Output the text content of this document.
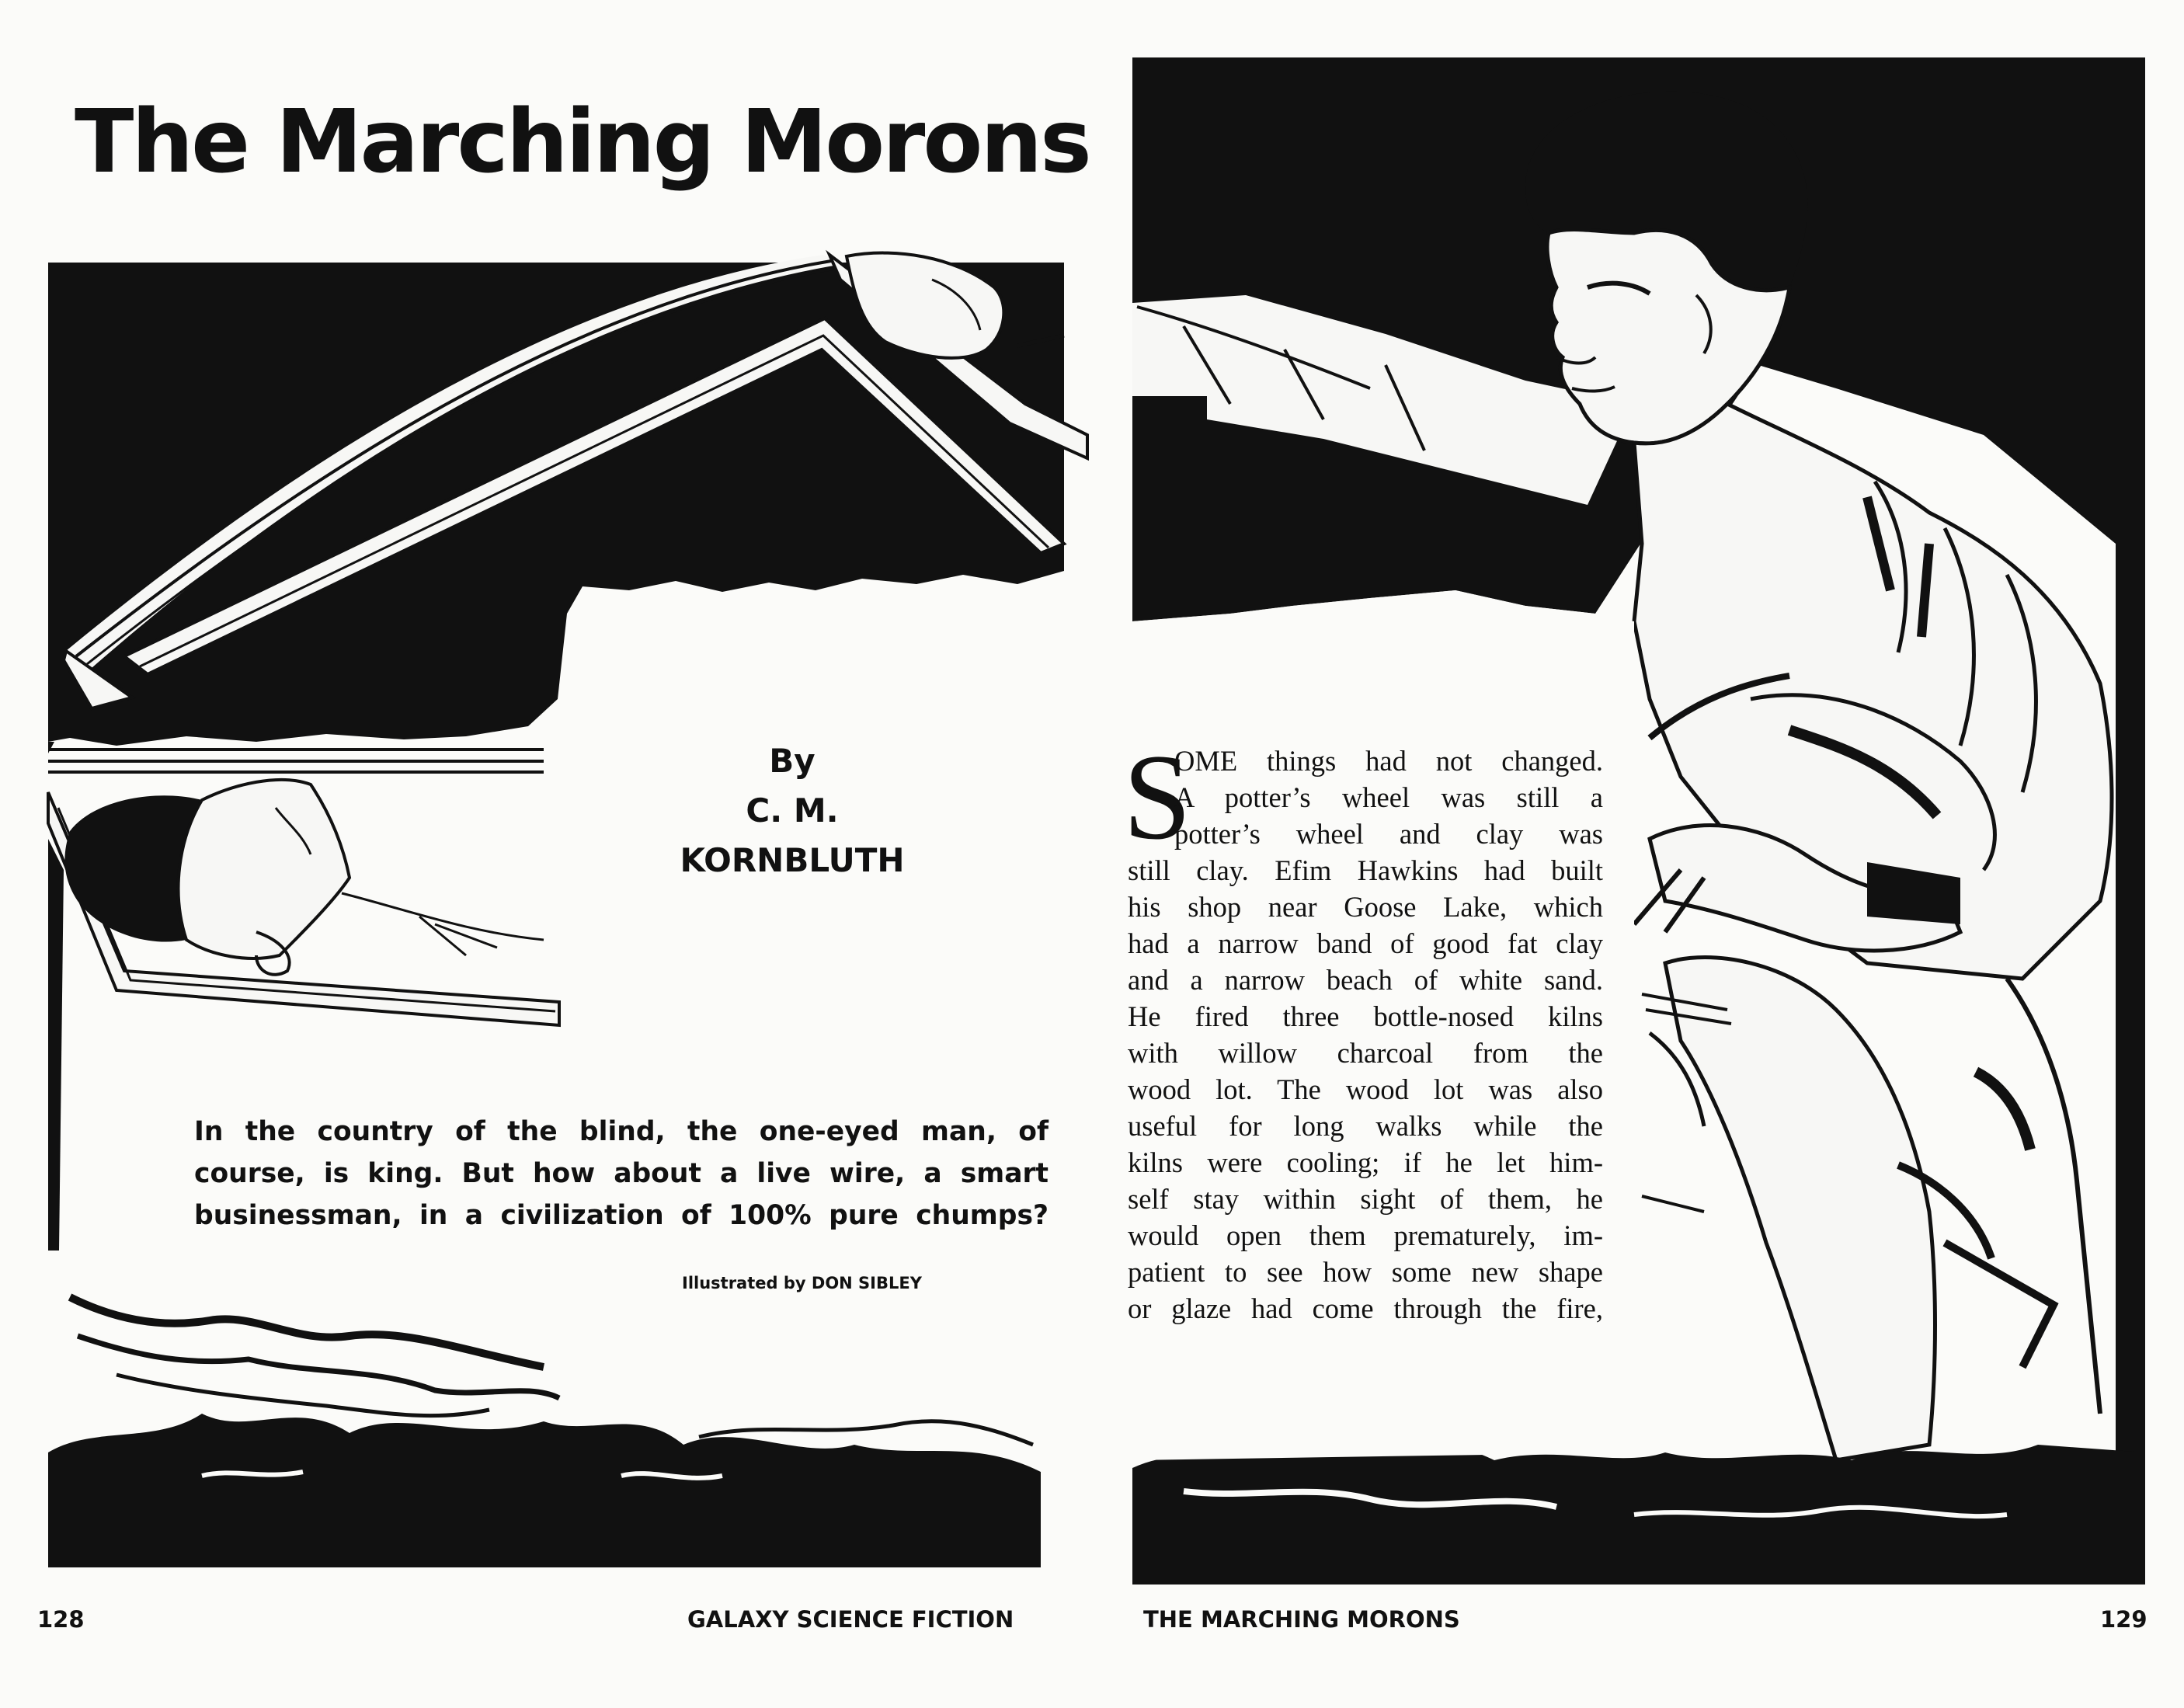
The Marching Morons
By
C. M.
KORNBLUTH
In the country of the blind, the one-eyed man, of
course, is king. But how about a live wire, a smart
businessman, in a civilization of 100% pure chumps?
Illustrated by DON SIBLEY
128	GALAXY SCIENCE FICTION	THE MARCHING MORONS	129
S
OME things had not changed.
A potter’s wheel was still a
potter’s wheel and clay was
still clay. Efim Hawkins had built
his shop near Goose Lake, which
had a narrow band of good fat clay
and a narrow beach of white sand.
He fired three bottle-nosed kilns
with willow charcoal from the
wood lot. The wood lot was also
useful for long walks while the
kilns were cooling; if he let him-
self stay within sight of them, he
would open them prematurely, im-
patient to see how some new shape
or glaze had come through the fire,
